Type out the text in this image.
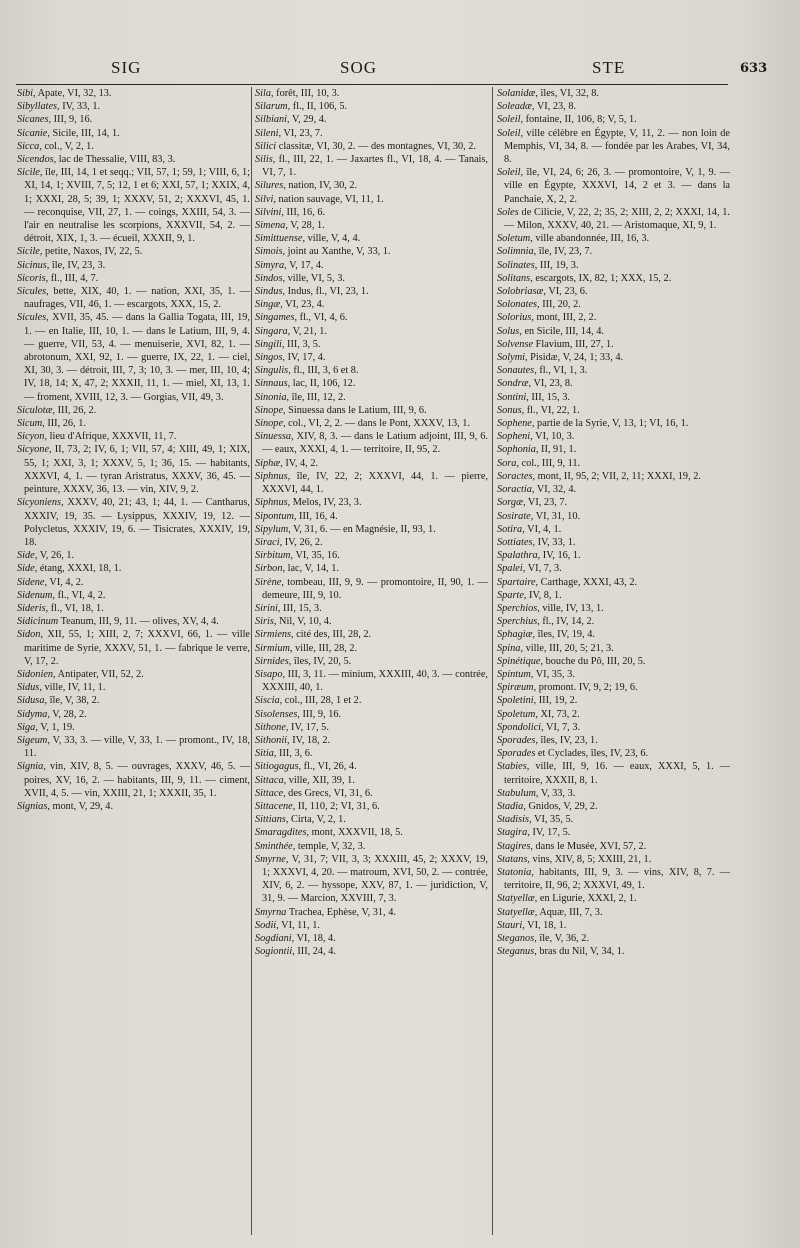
SIG	SOG	STE	633

Sibi, Apate, VI, 32, 13.

Sibyllates, IV, 33, 1.

Sicanes, III, 9, 16.

Sicanie, Sicile, III, 14, 1.

Sicca, col., V, 2, 1.

Sicendos, lac de Thessalie, VIII, 83, 3.

Sicile, île, III, 14, 1 et seqq.; VII, 57, 1; 59, 1; VIII, 6, 1; XI, 14, 1; XVIII, 7, 5; 12, 1 et 6; XXI, 57, 1; XXIX, 4, 1; XXXI, 28, 5; 39, 1; XXXV, 51, 2; XXXVI, 45, 1. — reconquise, VII, 27, 1. — coings, XXIII, 54, 3. — l'air en neutralise les scorpions, XXXVII, 54, 2. — détroit, XIX, 1, 3. — écueil, XXXII, 9, 1.

Sicile, petite, Naxos, IV, 22, 5.

Sicinus, île, IV, 23, 3.

Sicoris, fl., III, 4, 7.

Sicules, bette, XIX, 40, 1. — nation, XXI, 35, 1. — naufrages, VII, 46, 1. — escargots, XXX, 15, 2.

Sicules, XVII, 35, 45. — dans la Gallia Togata, III, 19, 1. — en Italie, III, 10, 1. — dans le Latium, III, 9, 4. — guerre, VII, 53, 4. — menuiserie, XVI, 82, 1. — abrotonum, XXI, 92, 1. — guerre, IX, 22, 1. — ciel, XI, 30, 3. — détroit, III, 7, 3; 10, 3. — mer, III, 10, 4; IV, 18, 14; X, 47, 2; XXXII, 11, 1. — miel, XI, 13, 1. — froment, XVIII, 12, 3. — Gorgias, VII, 49, 3.

Siculotæ, III, 26, 2.

Sicum, III, 26, 1.

Sicyon, lieu d'Afrique, XXXVII, 11, 7.

Sicyone, II, 73, 2; IV, 6, 1; VII, 57, 4; XIII, 49, 1; XIX, 55, 1; XXI, 3, 1; XXXV, 5, 1; 36, 15. — habitants, XXXVI, 4, 1. — tyran Aristratus, XXXV, 36, 45. — peinture, XXXV, 36, 13. — vin, XIV, 9, 2.

Sicyoniens, XXXV, 40, 21; 43, 1; 44, 1. — Cantharus, XXXIV, 19, 35. — Lysippus, XXXIV, 19, 12. — Polycletus, XXXIV, 19, 6. — Tisicrates, XXXIV, 19, 18.

Side, V, 26, 1.

Side, étang, XXXI, 18, 1.

Sidene, VI, 4, 2.

Sidenum, fl., VI, 4, 2.

Sideris, fl., VI, 18, 1.

Sidicinum Teanum, III, 9, 11. — olives, XV, 4, 4.

Sidon, XII, 55, 1; XIII, 2, 7; XXXVI, 66, 1. — ville maritime de Syrie, XXXV, 51, 1. — fabrique le verre, V, 17, 2.

Sidonien, Antipater, VII, 52, 2.

Sidus, ville, IV, 11, 1.

Sidusa, île, V, 38, 2.

Sidyma, V, 28, 2.

Siga, V, 1, 19.

Sigeum, V, 33, 3. — ville, V, 33, 1. — promont., IV, 18, 11.

Signia, vin, XIV, 8, 5. — ouvrages, XXXV, 46, 5. — poires, XV, 16, 2. — habitants, III, 9, 11. — ciment, XVII, 4, 5. — vin, XXIII, 21, 1; XXXII, 35, 1.

Signias, mont, V, 29, 4.

Sila, forêt, III, 10, 3.

Silarum, fl., II, 106, 5.

Silbiani, V, 29, 4.

Sileni, VI, 23, 7.

Silici classitæ, VI, 30, 2. — des montagnes, VI, 30, 2.

Silis, fl., III, 22, 1. — Jaxartes fl., VI, 18, 4. — Tanais, VI, 7, 1.

Silures, nation, IV, 30, 2.

Silvi, nation sauvage, VI, 11, 1.

Silvini, III, 16, 6.

Simena, V, 28, 1.

Simittuense, ville, V, 4, 4.

Simois, joint au Xanthe, V, 33, 1.

Simyra, V, 17, 4.

Sindos, ville, VI, 5, 3.

Sindus, Indus, fl., VI, 23, 1.

Singæ, VI, 23, 4.

Singames, fl., VI, 4, 6.

Singara, V, 21, 1.

Singili, III, 3, 5.

Singos, IV, 17, 4.

Singulis, fl., III, 3, 6 et 8.

Sinnaus, lac, II, 106, 12.

Sinonia, île, III, 12, 2.

Sinope, Sinuessa dans le Latium, III, 9, 6.

Sinope, col., VI, 2, 2. — dans le Pont, XXXV, 13, 1.

Sinuessa, XIV, 8, 3. — dans le Latium adjoint, III, 9, 6. — eaux, XXXI, 4, 1. — territoire, II, 95, 2.

Siphæ, IV, 4, 2.

Siphnus, île, IV, 22, 2; XXXVI, 44, 1. — pierre, XXXVI, 44, 1.

Siphnus, Melos, IV, 23, 3.

Sipontum, III, 16, 4.

Sipylum, V, 31, 6. — en Magnésie, II, 93, 1.

Siraci, IV, 26, 2.

Sirbitum, VI, 35, 16.

Sirbon, lac, V, 14, 1.

Sirène, tombeau, III, 9, 9. — promontoire, II, 90, 1. — demeure, III, 9, 10.

Sirini, III, 15, 3.

Siris, Nil, V, 10, 4.

Sirmiens, cité des, III, 28, 2.

Sirmium, ville, III, 28, 2.

Sirnides, îles, IV, 20, 5.

Sisapo, III, 3, 11. — minium, XXXIII, 40, 3. — contrée, XXXIII, 40, 1.

Siscia, col., III, 28, 1 et 2.

Sisolenses, III, 9, 16.

Sithone, IV, 17, 5.

Sithonii, IV, 18, 2.

Sitia, III, 3, 6.

Sitiogagus, fl., VI, 26, 4.

Sittaca, ville, XII, 39, 1.

Sittace, des Grecs, VI, 31, 6.

Sittacene, II, 110, 2; VI, 31, 6.

Sittians, Cirta, V, 2, 1.

Smaragdites, mont, XXXVII, 18, 5.

Sminthée, temple, V, 32, 3.

Smyrne, V, 31, 7; VII, 3, 3; XXXIII, 45, 2; XXXV, 19, 1; XXXVI, 4, 20. — matroum, XVI, 50, 2. — contrée, XIV, 6, 2. — hyssope, XXV, 87, 1. — juridiction, V, 31, 9. — Marcion, XXVIII, 7, 3.

Smyrna Trachea, Ephèse, V, 31, 4.

Sodii, VI, 11, 1.

Sogdiani, VI, 18, 4.

Sogiontii, III, 24, 4.

Solanidæ, îles, VI, 32, 8.

Soleadæ, VI, 23, 8.

Soleil, fontaine, II, 106, 8; V, 5, 1.

Soleil, ville célèbre en Égypte, V, 11, 2. — non loin de Memphis, VI, 34, 8. — fondée par les Arabes, VI, 34, 8.

Soleil, île, VI, 24, 6; 26, 3. — promontoire, V, 1, 9. — ville en Égypte, XXXVI, 14, 2 et 3. — dans la Panchaie, X, 2, 2.

Soles de Cilicie, V, 22, 2; 35, 2; XIII, 2, 2; XXXI, 14, 1. — Milon, XXXV, 40, 21. — Aristomaque, XI, 9, 1.

Soletum, ville abandonnée, III, 16, 3.

Solimnia, île, IV, 23, 7.

Solinates, III, 19, 3.

Solitans, escargots, IX, 82, 1; XXX, 15, 2.

Solobriasæ, VI, 23, 6.

Solonates, III, 20, 2.

Solorius, mont, III, 2, 2.

Solus, en Sicile, III, 14, 4.

Solvense Flavium, III, 27, 1.

Solymi, Pisidæ, V, 24, 1; 33, 4.

Sonautes, fl., VI, 1, 3.

Sondræ, VI, 23, 8.

Sontini, III, 15, 3.

Sonus, fl., VI, 22, 1.

Sophene, partie de la Syrie, V, 13, 1; VI, 16, 1.

Sopheni, VI, 10, 3.

Sophonia, II, 91, 1.

Sora, col., III, 9, 11.

Soractes, mont, II, 95, 2; VII, 2, 11; XXXI, 19, 2.

Soractia, VI, 32, 4.

Sorgæ, VI, 23, 7.

Sosirate, VI, 31, 10.

Sotira, VI, 4, 1.

Sottiates, IV, 33, 1.

Spalathra, IV, 16, 1.

Spalei, VI, 7, 3.

Spartaire, Carthage, XXXI, 43, 2.

Sparte, IV, 8, 1.

Sperchios, ville, IV, 13, 1.

Sperchius, fl., IV, 14, 2.

Sphagiæ, îles, IV, 19, 4.

Spina, ville, III, 20, 5; 21, 3.

Spinétique, bouche du Pô, III, 20, 5.

Spintum, VI, 35, 3.

Spiræum, promont. IV, 9, 2; 19, 6.

Spoletini, III, 19, 2.

Spoletum, XI, 73, 2.

Spondolici, VI, 7, 3.

Sporades, îles, IV, 23, 1.

Sporades et Cyclades, îles, IV, 23, 6.

Stabies, ville, III, 9, 16. — eaux, XXXI, 5, 1. — territoire, XXXII, 8, 1.

Stabulum, V, 33, 3.

Stadia, Gnidos, V, 29, 2.

Stadisis, VI, 35, 5.

Stagira, IV, 17, 5.

Stagires, dans le Musée, XVI, 57, 2.

Statans, vins, XIV, 8, 5; XXIII, 21, 1.

Statonia, habitants, III, 9, 3. — vins, XIV, 8, 7. — territoire, II, 96, 2; XXXVI, 49, 1.

Statyellæ, en Ligurie, XXXI, 2, 1.

Statyellæ, Aquæ, III, 7, 3.

Stauri, VI, 18, 1.

Steganos, île, V, 36, 2.

Steganus, bras du Nil, V, 34, 1.
